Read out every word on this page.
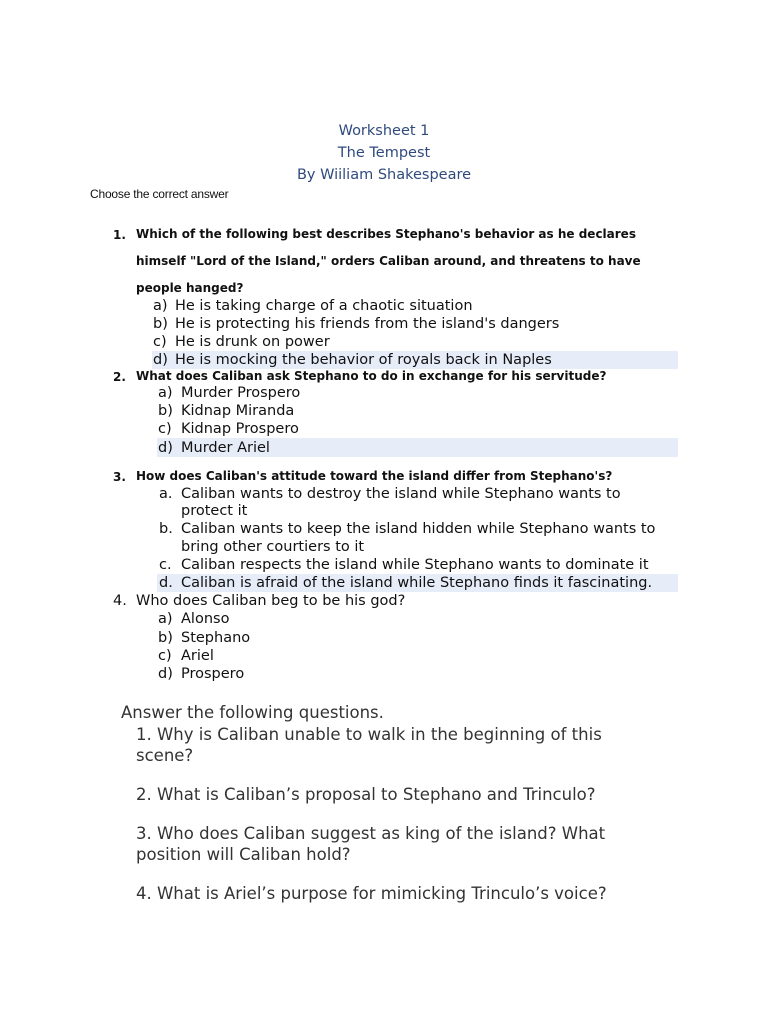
Worksheet 1
The Tempest
By Wiiliam Shakespeare
Choose the correct answer
1. Which of the following best describes Stephano's behavior as he declares
himself "Lord of the Island," orders Caliban around, and threatens to have
people hanged?
a) He is taking charge of a chaotic situation
b) He is protecting his friends from the island's dangers
c) He is drunk on power
d) He is mocking the behavior of royals back in Naples
2. What does Caliban ask Stephano to do in exchange for his servitude?
a) Murder Prospero
b) Kidnap Miranda
c) Kidnap Prospero
d) Murder Ariel
3. How does Caliban's attitude toward the island differ from Stephano's?
a. Caliban wants to destroy the island while Stephano wants to
protect it
b. Caliban wants to keep the island hidden while Stephano wants to
bring other courtiers to it
c. Caliban respects the island while Stephano wants to dominate it
d. Caliban is afraid of the island while Stephano finds it fascinating.
4. Who does Caliban beg to be his god?
a) Alonso
b) Stephano
c) Ariel
d) Prospero
Answer the following questions.
1. Why is Caliban unable to walk in the beginning of this
scene?
2. What is Caliban’s proposal to Stephano and Trinculo?
3. Who does Caliban suggest as king of the island? What
position will Caliban hold?
4. What is Ariel’s purpose for mimicking Trinculo’s voice?
